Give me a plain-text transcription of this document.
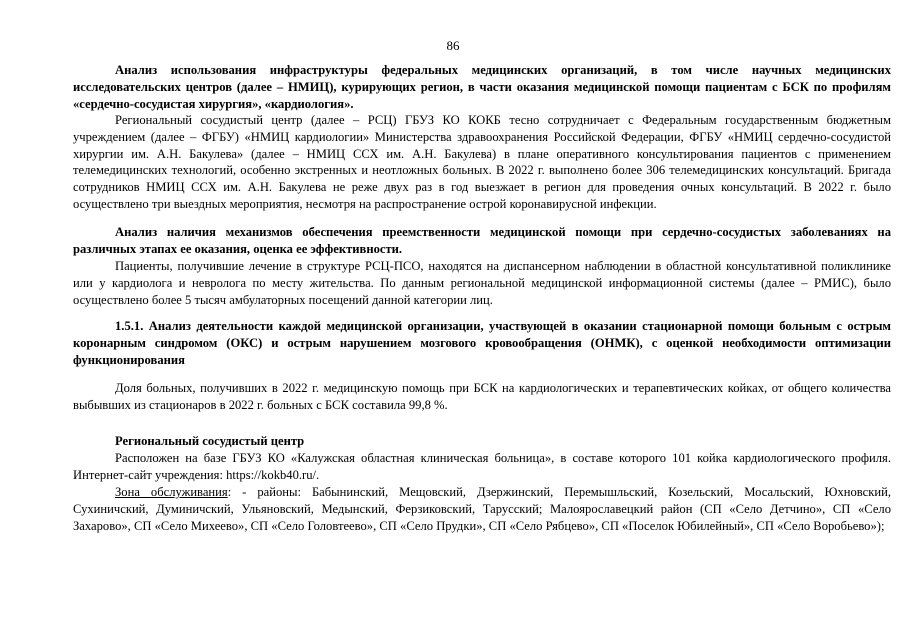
86
Анализ использования инфраструктуры федеральных медицинских организаций, в том числе научных медицинских исследовательских центров (далее – НМИЦ), курирующих регион, в части оказания медицинской помощи пациентам с БСК по профилям «сердечно-сосудистая хирургия», «кардиология».
Региональный сосудистый центр (далее – РСЦ) ГБУЗ КО КОКБ тесно сотрудничает с Федеральным государственным бюджетным учреждением (далее – ФГБУ) «НМИЦ кардиологии» Министерства здравоохранения Российской Федерации, ФГБУ «НМИЦ сердечно-сосудистой хирургии им. А.Н. Бакулева» (далее – НМИЦ ССХ им. А.Н. Бакулева) в плане оперативного консультирования пациентов с применением телемедицинских технологий, особенно экстренных и неотложных больных. В 2022 г. выполнено более 306 телемедицинских консультаций. Бригада сотрудников НМИЦ ССХ им. А.Н. Бакулева не реже двух раз в год выезжает в регион для проведения очных консультаций. В 2022 г. было осуществлено три выездных мероприятия, несмотря на распространение острой коронавирусной инфекции.
Анализ наличия механизмов обеспечения преемственности медицинской помощи при сердечно-сосудистых заболеваниях на различных этапах ее оказания, оценка ее эффективности.
Пациенты, получившие лечение в структуре РСЦ-ПСО, находятся на диспансерном наблюдении в областной консультативной поликлинике или у кардиолога и невролога по месту жительства. По данным региональной медицинской информационной системы (далее – РМИС), было осуществлено более 5 тысяч амбулаторных посещений данной категории лиц.
1.5.1. Анализ деятельности каждой медицинской организации, участвующей в оказании стационарной помощи больным с острым коронарным синдромом (ОКС) и острым нарушением мозгового кровообращения (ОНМК), с оценкой необходимости оптимизации функционирования
Доля больных, получивших в 2022 г. медицинскую помощь при БСК на кардиологических и терапевтических койках, от общего количества выбывших из стационаров в 2022 г. больных с БСК составила 99,8 %.
Региональный сосудистый центр
Расположен на базе ГБУЗ КО «Калужская областная клиническая больница», в составе которого 101 койка кардиологического профиля. Интернет-сайт учреждения: https://kokb40.ru/.
Зона обслуживания: - районы: Бабынинский, Мещовский, Дзержинский, Перемышльский, Козельский, Мосальский, Юхновский, Сухиничский, Думиничский, Ульяновский, Медынский, Ферзиковский, Тарусский; Малоярославецкий район (СП «Село Детчино», СП «Село Захарово», СП «Село Михеево», СП «Село Головтеево», СП «Село Прудки», СП «Село Рябцево», СП «Поселок Юбилейный», СП «Село Воробьево»);
